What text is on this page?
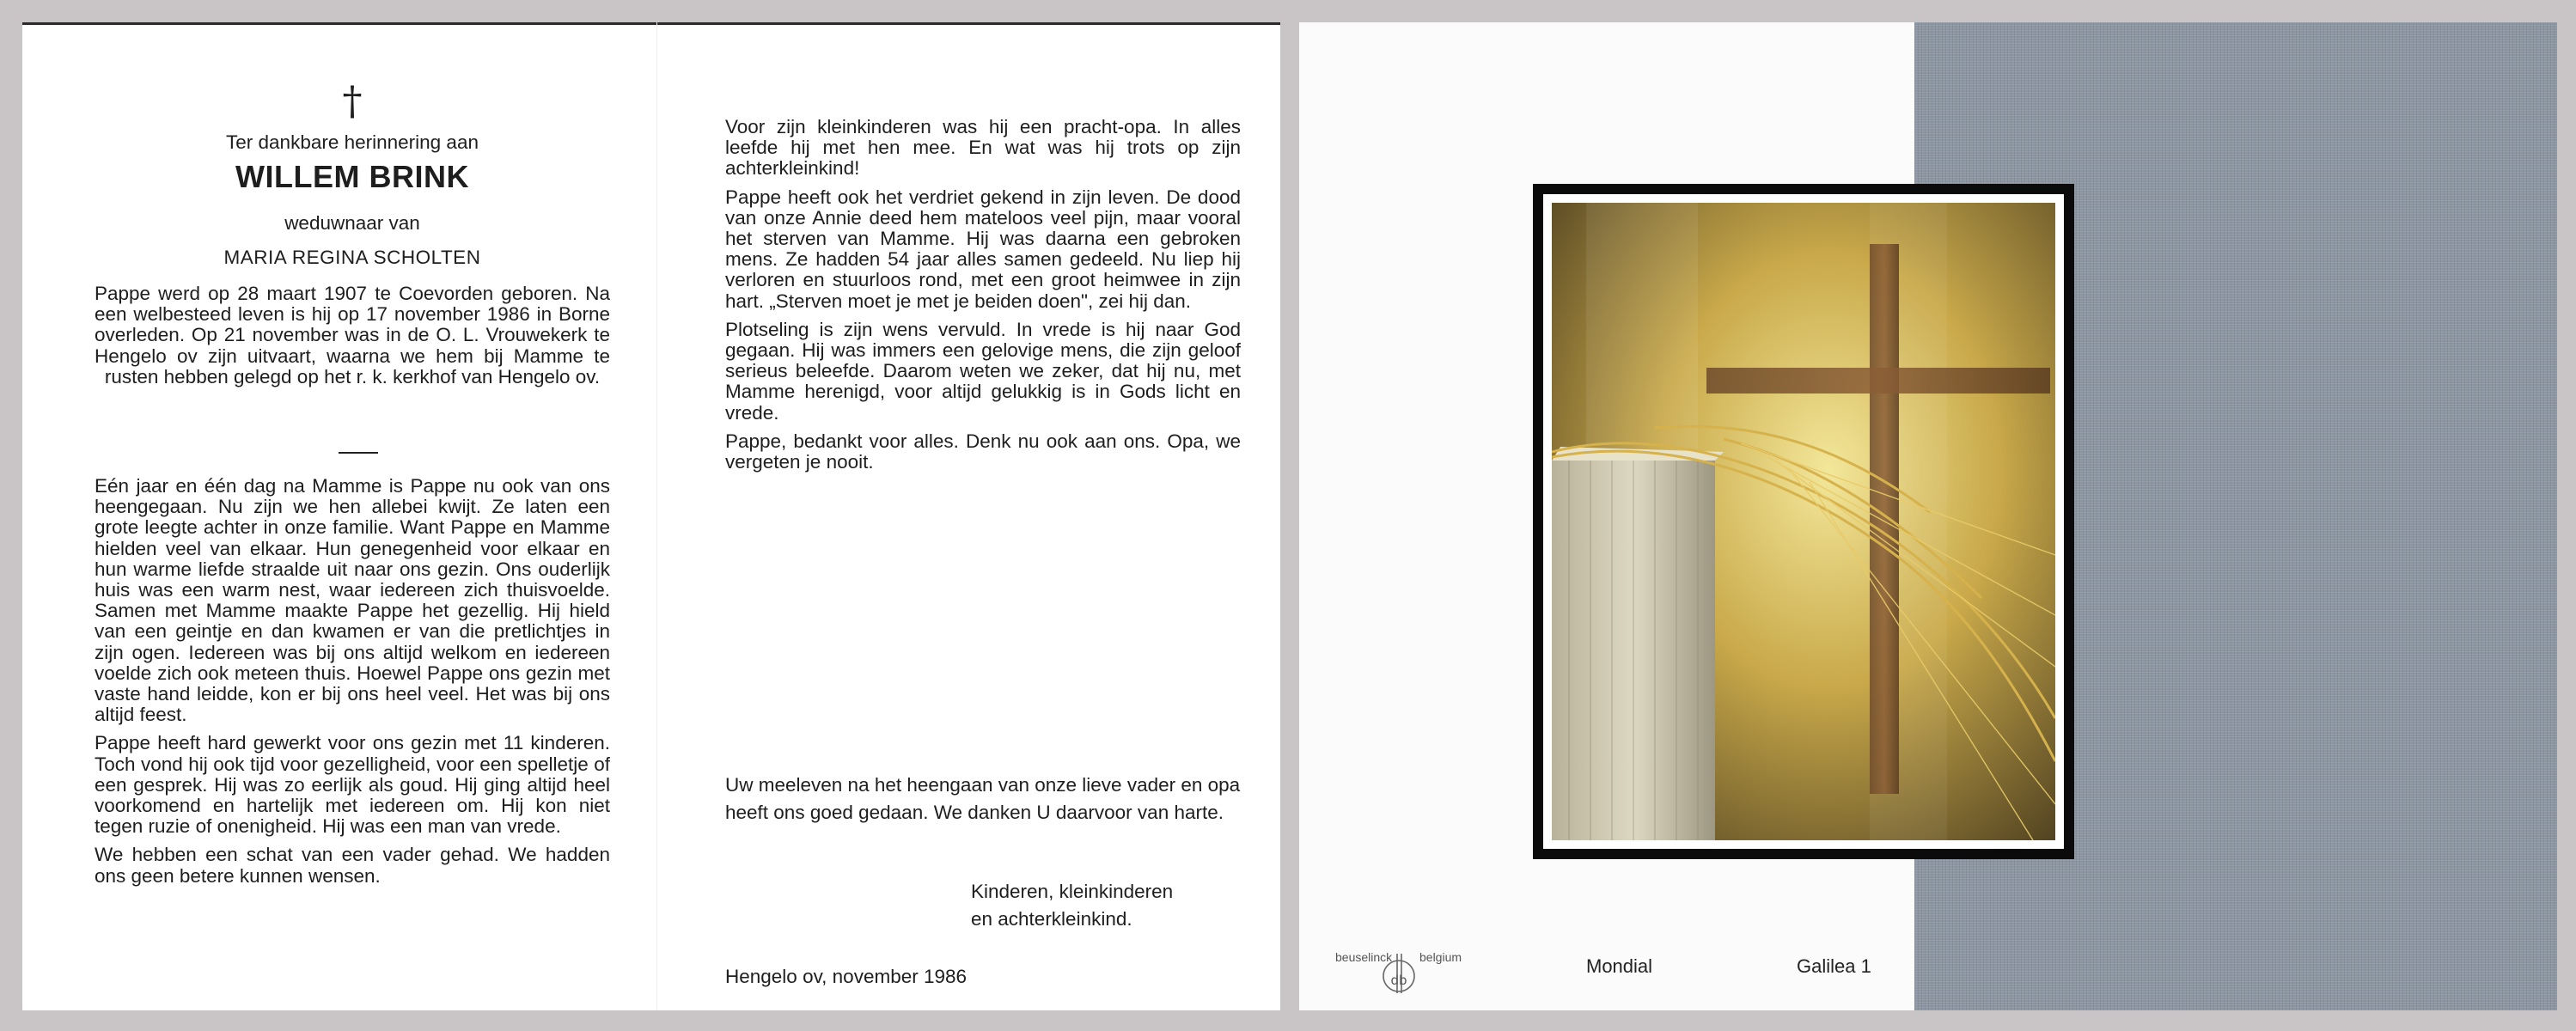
†
Ter dankbare herinnering aan
WILLEM BRINK
weduwnaar van
MARIA REGINA SCHOLTEN
Pappe werd op 28 maart 1907 te Coevorden geboren. Na een welbesteed leven is hij op 17 november 1986 in Borne overleden. Op 21 november was in de O. L. Vrouwekerk te Hengelo ov zijn uitvaart, waarna we hem bij Mamme te rusten hebben gelegd op het r. k. kerkhof van Hengelo ov.

Eén jaar en één dag na Mamme is Pappe nu ook van ons heengegaan. Nu zijn we hen allebei kwijt. Ze laten een grote leegte achter in onze familie. Want Pappe en Mamme hielden veel van elkaar. Hun genegenheid voor elkaar en hun warme liefde straalde uit naar ons gezin. Ons ouderlijk huis was een warm nest, waar iedereen zich thuisvoelde. Samen met Mamme maakte Pappe het gezellig. Hij hield van een geintje en dan kwamen er van die pretlichtjes in zijn ogen. Iedereen was bij ons altijd welkom en iedereen voelde zich ook meteen thuis. Hoewel Pappe ons gezin met vaste hand leidde, kon er bij ons heel veel. Het was bij ons altijd feest.

Pappe heeft hard gewerkt voor ons gezin met 11 kinderen. Toch vond hij ook tijd voor gezelligheid, voor een spelletje of een gesprek. Hij was zo eerlijk als goud. Hij ging altijd heel voorkomend en hartelijk met iedereen om. Hij kon niet tegen ruzie of onenigheid. Hij was een man van vrede.

We hebben een schat van een vader gehad. We hadden ons geen betere kunnen wensen.

Voor zijn kleinkinderen was hij een pracht-opa. In alles leefde hij met hen mee. En wat was hij trots op zijn achterkleinkind!

Pappe heeft ook het verdriet gekend in zijn leven. De dood van onze Annie deed hem mateloos veel pijn, maar vooral het sterven van Mamme. Hij was daarna een gebroken mens. Ze hadden 54 jaar alles samen gedeeld. Nu liep hij verloren en stuurloos rond, met een groot heimwee in zijn hart. „Sterven moet je met je beiden doen", zei hij dan.

Plotseling is zijn wens vervuld. In vrede is hij naar God gegaan. Hij was immers een gelovige mens, die zijn geloof serieus beleefde. Daarom weten we zeker, dat hij nu, met Mamme herenigd, voor altijd gelukkig is in Gods licht en vrede.

Pappe, bedankt voor alles. Denk nu ook aan ons. Opa, we vergeten je nooit.

Uw meeleven na het heengaan van onze lieve vader en opa heeft ons goed gedaan. We danken U daarvoor van harte.
Kinderen, kleinkinderen
en achterkleinkind.
Hengelo ov, november 1986
beuselinck belgium
db
Mondial	Galilea 1
